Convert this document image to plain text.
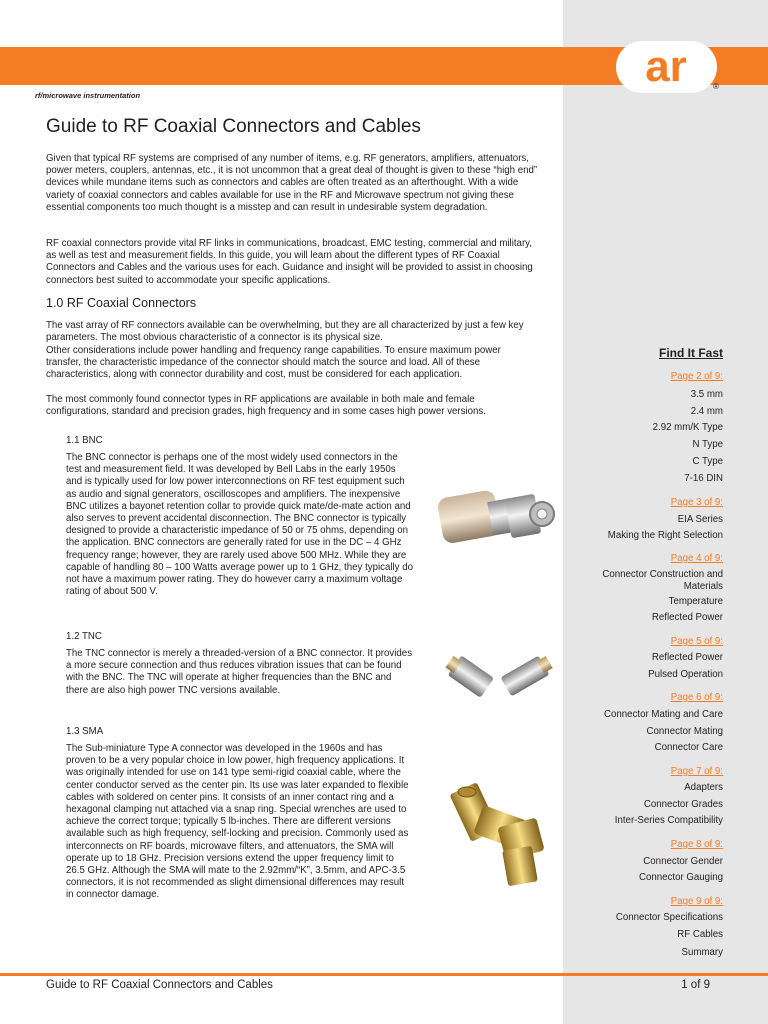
ar	®
rf/microwave instrumentation
Guide to RF Coaxial Connectors and Cables

Given that typical RF systems are comprised of any number of items, e.g. RF generators, amplifiers, attenuators, power meters, couplers, antennas, etc., it is not uncommon that a great deal of thought is given to these “high end” devices while mundane items such as connectors and cables are often treated as an afterthought. With a wide variety of coaxial connectors and cables available for use in the RF and Microwave spectrum not giving these essential components too much thought is a misstep and can result in undesirable system degradation.

RF coaxial connectors provide vital RF links in communications, broadcast, EMC testing, commercial and military, as well as test and measurement fields. In this guide, you will learn about the different types of RF Coaxial Connectors and Cables and the various uses for each. Guidance and insight will be provided to assist in choosing connectors best suited to accommodate your specific applications.

1.0 RF Coaxial Connectors

The vast array of RF connectors available can be overwhelming, but they are all characterized by just a few key parameters. The most obvious characteristic of a connector is its physical size.

Other considerations include power handling and frequency range capabilities. To ensure maximum power transfer, the characteristic impedance of the connector should match the source and load. All of these characteristics, along with connector durability and cost, must be considered for each application.

The most commonly found connector types in RF applications are available in both male and female configurations, standard and precision grades, high frequency and in some cases high power versions.

1.1 BNC

The BNC connector is perhaps one of the most widely used connectors in the test and measurement field. It was developed by Bell Labs in the early 1950s and is typically used for low power interconnections on RF test equipment such as audio and signal generators, oscilloscopes and amplifiers. The inexpensive BNC utilizes a bayonet retention collar to provide quick mate/de-mate action and also serves to prevent accidental disconnection. The BNC connector is typically designed to provide a characteristic impedance of 50 or 75 ohms, depending on the application. BNC connectors are generally rated for use in the DC – 4 GHz frequency range; however, they are rarely used above 500 MHz. While they are capable of handling 80 – 100 Watts average power up to 1 GHz, they typically do not have a maximum power rating. They do however carry a maximum voltage rating of about 500 V.

1.2 TNC

The TNC connector is merely a threaded-version of a BNC connector. It provides a more secure connection and thus reduces vibration issues that can be found with the BNC. The TNC will operate at higher frequencies than the BNC and there are also high power TNC versions available.

1.3 SMA

The Sub-miniature Type A connector was developed in the 1960s and has proven to be a very popular choice in low power, high frequency applications. It was originally intended for use on 141 type semi-rigid coaxial cable, where the center conductor served as the center pin. Its use was later expanded to flexible cables with soldered on center pins. It consists of an inner contact ring and a hexagonal clamping nut attached via a snap ring. Special wrenches are used to achieve the correct torque; typically 5 lb-inches. There are different versions available such as high frequency, self-locking and precision. Commonly used as interconnects on RF boards, microwave filters, and attenuators, the SMA will operate up to 18 GHz. Precision versions extend the upper frequency limit to 26.5 GHz. Although the SMA will mate to the 2.92mm/“K”, 3.5mm, and APC-3.5 connectors, it is not recommended as slight dimensional differences may result in connector damage.

Find It Fast
Page 2 of 9:
3.5 mm
2.4 mm
2.92 mm/K Type
N Type
C Type
7-16 DIN
Page 3 of 9:
EIA Series
Making the Right Selection
Page 4 of 9:
Connector Construction and Materials
Temperature
Reflected Power
Page 5 of 9:
Reflected Power
Pulsed Operation
Page 6 of 9:
Connector Mating and Care
Connector Mating
Connector Care
Page 7 of 9:
Adapters
Connector Grades
Inter-Series Compatibility
Page 8 of 9:
Connector Gender
Connector Gauging
Page 9 of 9:
Connector Specifications
RF Cables
Summary
Guide to RF Coaxial Connectors and Cables	1 of 9
